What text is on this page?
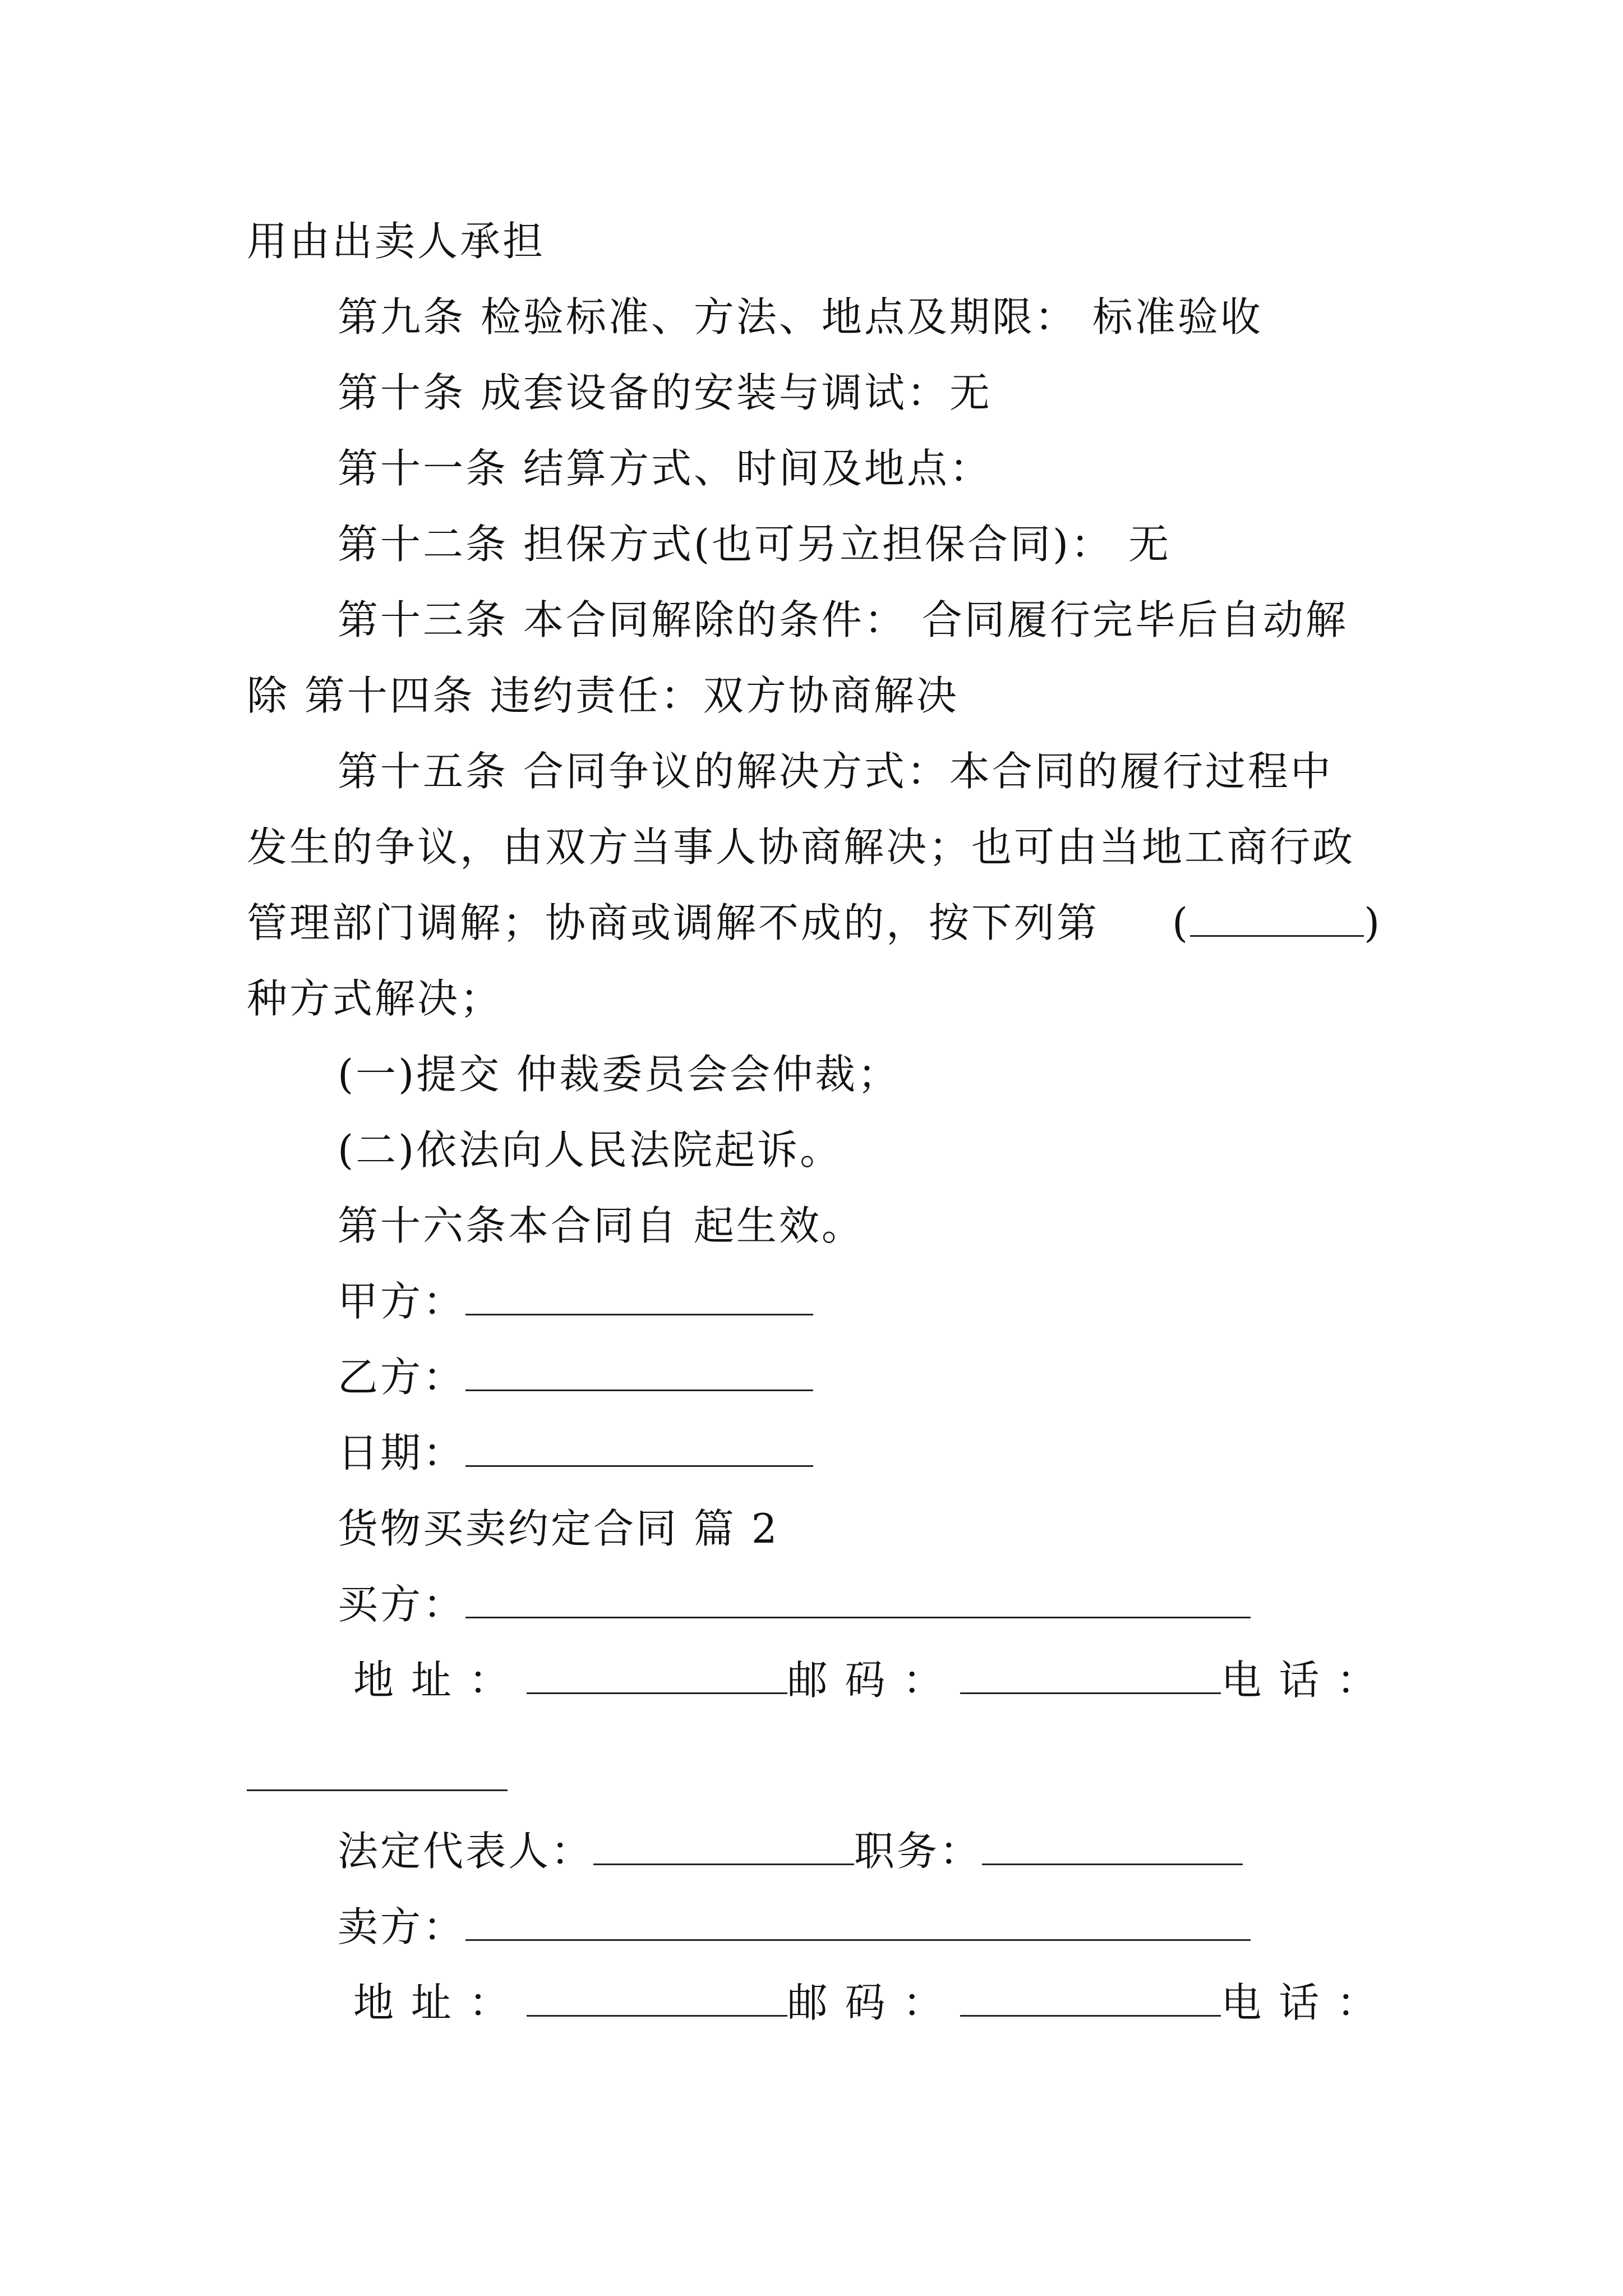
用由出卖人承担
第九条 检验标准、方法、地点及期限： 标准验收
第十条 成套设备的安装与调试：无
第十一条 结算方式、时间及地点：
第十二条 担保方式(也可另立担保合同)： 无
第十三条 本合同解除的条件： 合同履行完毕后自动解
除 第十四条 违约责任：双方协商解决
第十五条 合同争议的解决方式：本合同的履行过程中
发生的争议，由双方当事人协商解决；也可由当地工商行政
管理部门调解；协商或调解不成的，按下列第 (	)
种方式解决；
(一)提交 仲裁委员会会仲裁；
(二)依法向人民法院起诉。
第十六条本合同自 起生效。
甲方：
乙方：
日期：
货物买卖约定合同 篇 2
买方：
地 址 ：	邮 码 ：	电 话 ：
法定代表人：	职务：
卖方：
地 址 ：	邮 码 ：	电 话 ：
